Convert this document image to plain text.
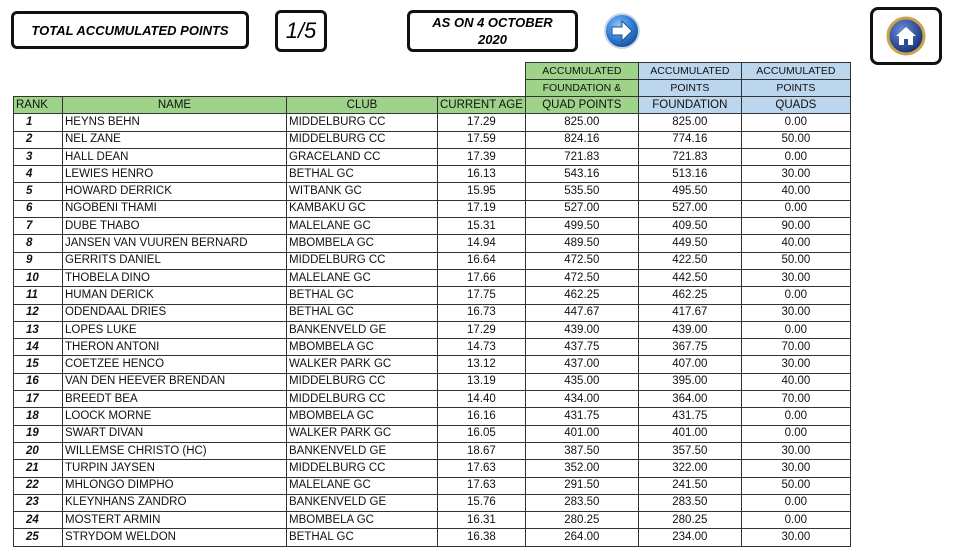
TOTAL ACCUMULATED POINTS	1/5	AS ON 4 OCTOBER
2020
				ACCUMULATED	ACCUMULATED	ACCUMULATED
				FOUNDATION &	POINTS	POINTS
RANK	NAME	CLUB	CURRENT AGE	QUAD POINTS	FOUNDATION	QUADS
1	HEYNS BEHN	MIDDELBURG CC	17.29	825.00	825.00	0.00
2	NEL ZANE	MIDDELBURG CC	17.59	824.16	774.16	50.00
3	HALL DEAN	GRACELAND CC	17.39	721.83	721.83	0.00
4	LEWIES HENRO	BETHAL GC	16.13	543.16	513.16	30.00
5	HOWARD DERRICK	WITBANK GC	15.95	535.50	495.50	40.00
6	NGOBENI THAMI	KAMBAKU GC	17.19	527.00	527.00	0.00
7	DUBE THABO	MALELANE GC	15.31	499.50	409.50	90.00
8	JANSEN VAN VUUREN BERNARD	MBOMBELA GC	14.94	489.50	449.50	40.00
9	GERRITS DANIEL	MIDDELBURG CC	16.64	472.50	422.50	50.00
10	THOBELA DINO	MALELANE GC	17.66	472.50	442.50	30.00
11	HUMAN DERICK	BETHAL GC	17.75	462.25	462.25	0.00
12	ODENDAAL DRIES	BETHAL GC	16.73	447.67	417.67	30.00
13	LOPES LUKE	BANKENVELD GE	17.29	439.00	439.00	0.00
14	THERON ANTONI	MBOMBELA GC	14.73	437.75	367.75	70.00
15	COETZEE HENCO	WALKER PARK GC	13.12	437.00	407.00	30.00
16	VAN DEN HEEVER BRENDAN	MIDDELBURG CC	13.19	435.00	395.00	40.00
17	BREEDT BEA	MIDDELBURG CC	14.40	434.00	364.00	70.00
18	LOOCK MORNE	MBOMBELA GC	16.16	431.75	431.75	0.00
19	SWART DIVAN	WALKER PARK GC	16.05	401.00	401.00	0.00
20	WILLEMSE CHRISTO (HC)	BANKENVELD GE	18.67	387.50	357.50	30.00
21	TURPIN JAYSEN	MIDDELBURG CC	17.63	352.00	322.00	30.00
22	MHLONGO DIMPHO	MALELANE GC	17.63	291.50	241.50	50.00
23	KLEYNHANS ZANDRO	BANKENVELD GE	15.76	283.50	283.50	0.00
24	MOSTERT ARMIN	MBOMBELA GC	16.31	280.25	280.25	0.00
25	STRYDOM WELDON	BETHAL GC	16.38	264.00	234.00	30.00
